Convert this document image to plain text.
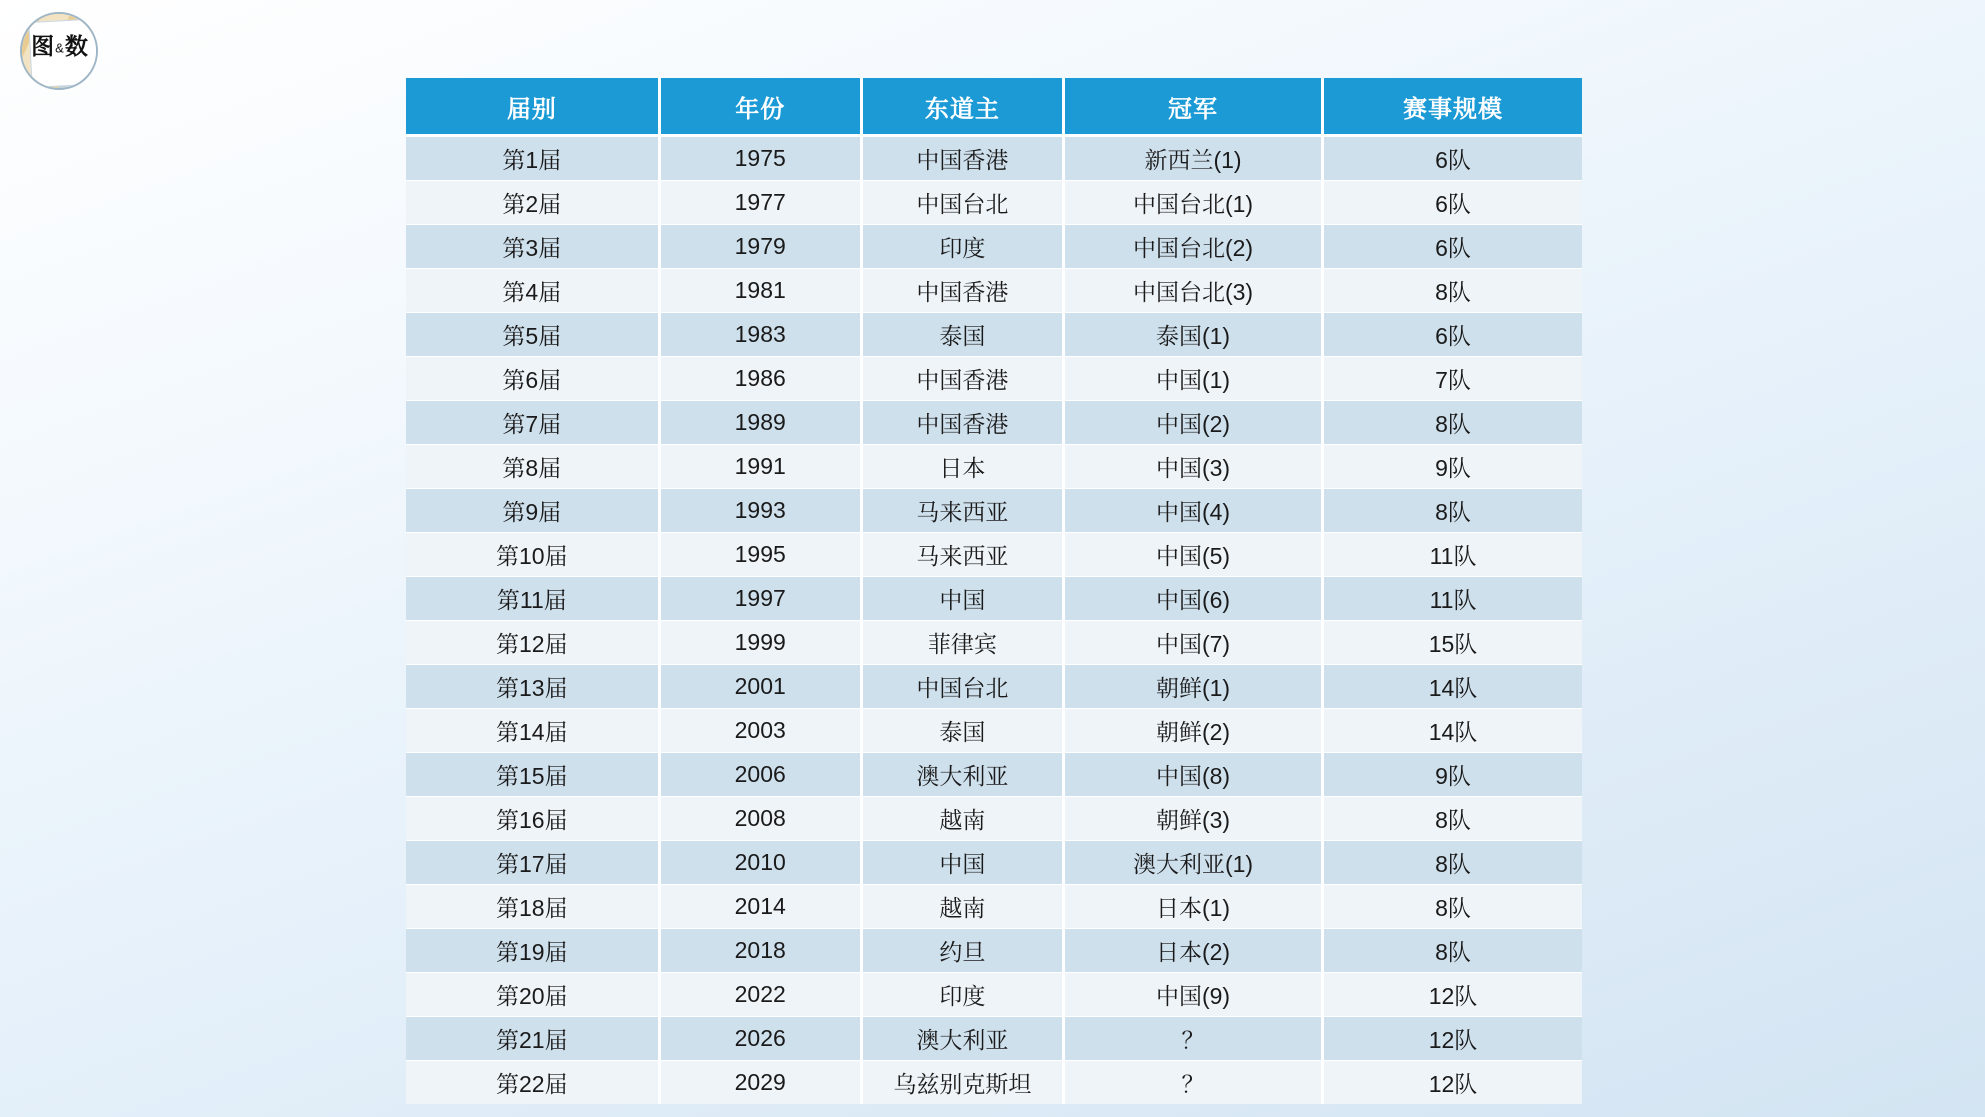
图&数
届别	年份	东道主	冠军	赛事规模
第1届	1975	中国香港	新西兰(1)	6队
第2届	1977	中国台北	中国台北(1)	6队
第3届	1979	印度	中国台北(2)	6队
第4届	1981	中国香港	中国台北(3)	8队
第5届	1983	泰国	泰国(1)	6队
第6届	1986	中国香港	中国(1)	7队
第7届	1989	中国香港	中国(2)	8队
第8届	1991	日本	中国(3)	9队
第9届	1993	马来西亚	中国(4)	8队
第10届	1995	马来西亚	中国(5)	11队
第11届	1997	中国	中国(6)	11队
第12届	1999	菲律宾	中国(7)	15队
第13届	2001	中国台北	朝鲜(1)	14队
第14届	2003	泰国	朝鲜(2)	14队
第15届	2006	澳大利亚	中国(8)	9队
第16届	2008	越南	朝鲜(3)	8队
第17届	2010	中国	澳大利亚(1)	8队
第18届	2014	越南	日本(1)	8队
第19届	2018	约旦	日本(2)	8队
第20届	2022	印度	中国(9)	12队
第21届	2026	澳大利亚	？	12队
第22届	2029	乌兹别克斯坦	？	12队
